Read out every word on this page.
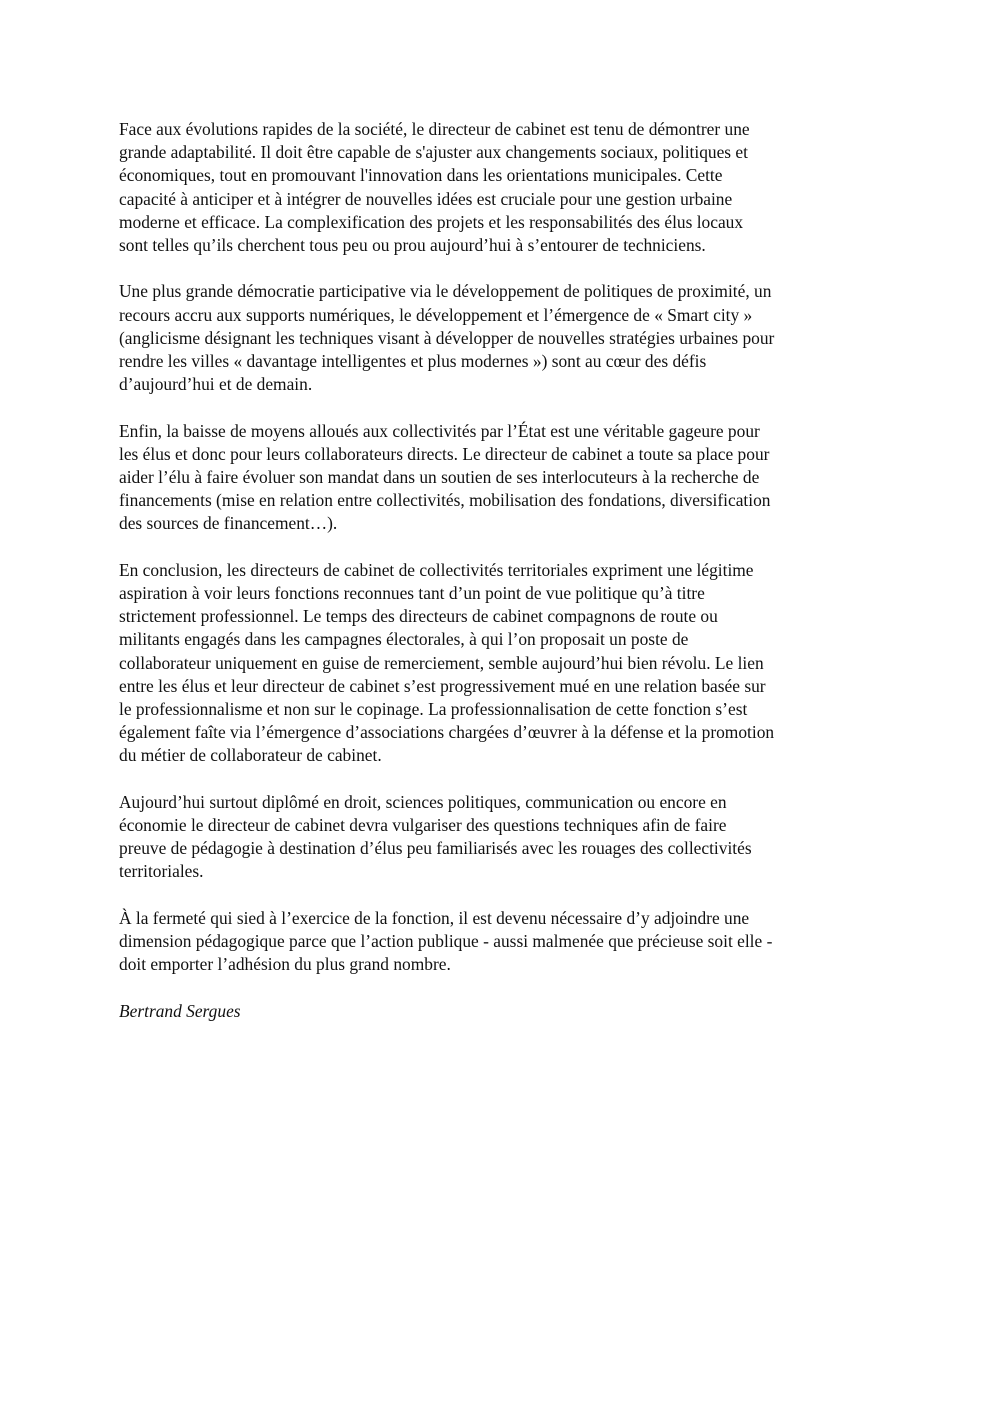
Face aux évolutions rapides de la société, le directeur de cabinet est tenu de démontrer une
grande adaptabilité. Il doit être capable de s'ajuster aux changements sociaux, politiques et
économiques, tout en promouvant l'innovation dans les orientations municipales. Cette
capacité à anticiper et à intégrer de nouvelles idées est cruciale pour une gestion urbaine
moderne et efficace. La complexification des projets et les responsabilités des élus locaux
sont telles qu’ils cherchent tous peu ou prou aujourd’hui à s’entourer de techniciens.

Une plus grande démocratie participative via le développement de politiques de proximité, un
recours accru aux supports numériques, le développement et l’émergence de « Smart city »
(anglicisme désignant les techniques visant à développer de nouvelles stratégies urbaines pour
rendre les villes « davantage intelligentes et plus modernes ») sont au cœur des défis
d’aujourd’hui et de demain.

Enfin, la baisse de moyens alloués aux collectivités par l’État est une véritable gageure pour
les élus et donc pour leurs collaborateurs directs. Le directeur de cabinet a toute sa place pour
aider l’élu à faire évoluer son mandat dans un soutien de ses interlocuteurs à la recherche de
financements (mise en relation entre collectivités, mobilisation des fondations, diversification
des sources de financement…).

En conclusion, les directeurs de cabinet de collectivités territoriales expriment une légitime
aspiration à voir leurs fonctions reconnues tant d’un point de vue politique qu’à titre
strictement professionnel. Le temps des directeurs de cabinet compagnons de route ou
militants engagés dans les campagnes électorales, à qui l’on proposait un poste de
collaborateur uniquement en guise de remerciement, semble aujourd’hui bien révolu. Le lien
entre les élus et leur directeur de cabinet s’est progressivement mué en une relation basée sur
le professionnalisme et non sur le copinage. La professionnalisation de cette fonction s’est
également faîte via l’émergence d’associations chargées d’œuvrer à la défense et la promotion
du métier de collaborateur de cabinet.

Aujourd’hui surtout diplômé en droit, sciences politiques, communication ou encore en
économie le directeur de cabinet devra vulgariser des questions techniques afin de faire
preuve de pédagogie à destination d’élus peu familiarisés avec les rouages des collectivités
territoriales.

À la fermeté qui sied à l’exercice de la fonction, il est devenu nécessaire d’y adjoindre une
dimension pédagogique parce que l’action publique - aussi malmenée que précieuse soit elle -
doit emporter l’adhésion du plus grand nombre.

Bertrand Sergues
